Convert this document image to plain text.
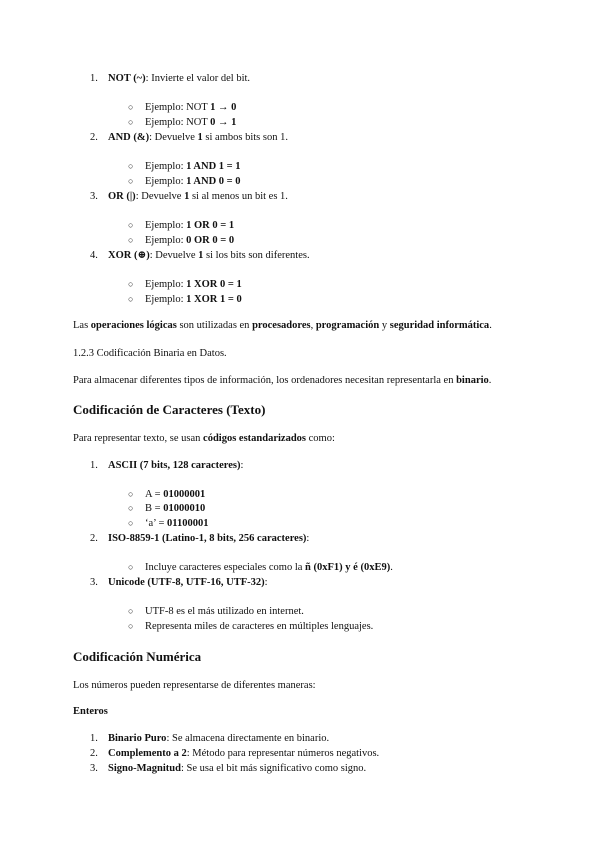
1. NOT (~): Invierte el valor del bit.
○ Ejemplo: NOT 1 → 0
○ Ejemplo: NOT 0 → 1
2. AND (&): Devuelve 1 si ambos bits son 1.
○ Ejemplo: 1 AND 1 = 1
○ Ejemplo: 1 AND 0 = 0
3. OR (|): Devuelve 1 si al menos un bit es 1.
○ Ejemplo: 1 OR 0 = 1
○ Ejemplo: 0 OR 0 = 0
4. XOR (⊕): Devuelve 1 si los bits son diferentes.
○ Ejemplo: 1 XOR 0 = 1
○ Ejemplo: 1 XOR 1 = 0
Las operaciones lógicas son utilizadas en procesadores, programación y seguridad informática.
1.2.3 Codificación Binaria en Datos.
Para almacenar diferentes tipos de información, los ordenadores necesitan representarla en binario.
Codificación de Caracteres (Texto)
Para representar texto, se usan códigos estandarizados como:
1. ASCII (7 bits, 128 caracteres):
○ A = 01000001
○ B = 01000010
○ ‘a’ = 01100001
2. ISO-8859-1 (Latino-1, 8 bits, 256 caracteres):
○ Incluye caracteres especiales como la ñ (0xF1) y é (0xE9).
3. Unicode (UTF-8, UTF-16, UTF-32):
○ UTF-8 es el más utilizado en internet.
○ Representa miles de caracteres en múltiples lenguajes.
Codificación Numérica
Los números pueden representarse de diferentes maneras:
Enteros
1. Binario Puro: Se almacena directamente en binario.
2. Complemento a 2: Método para representar números negativos.
3. Signo-Magnitud: Se usa el bit más significativo como signo.
